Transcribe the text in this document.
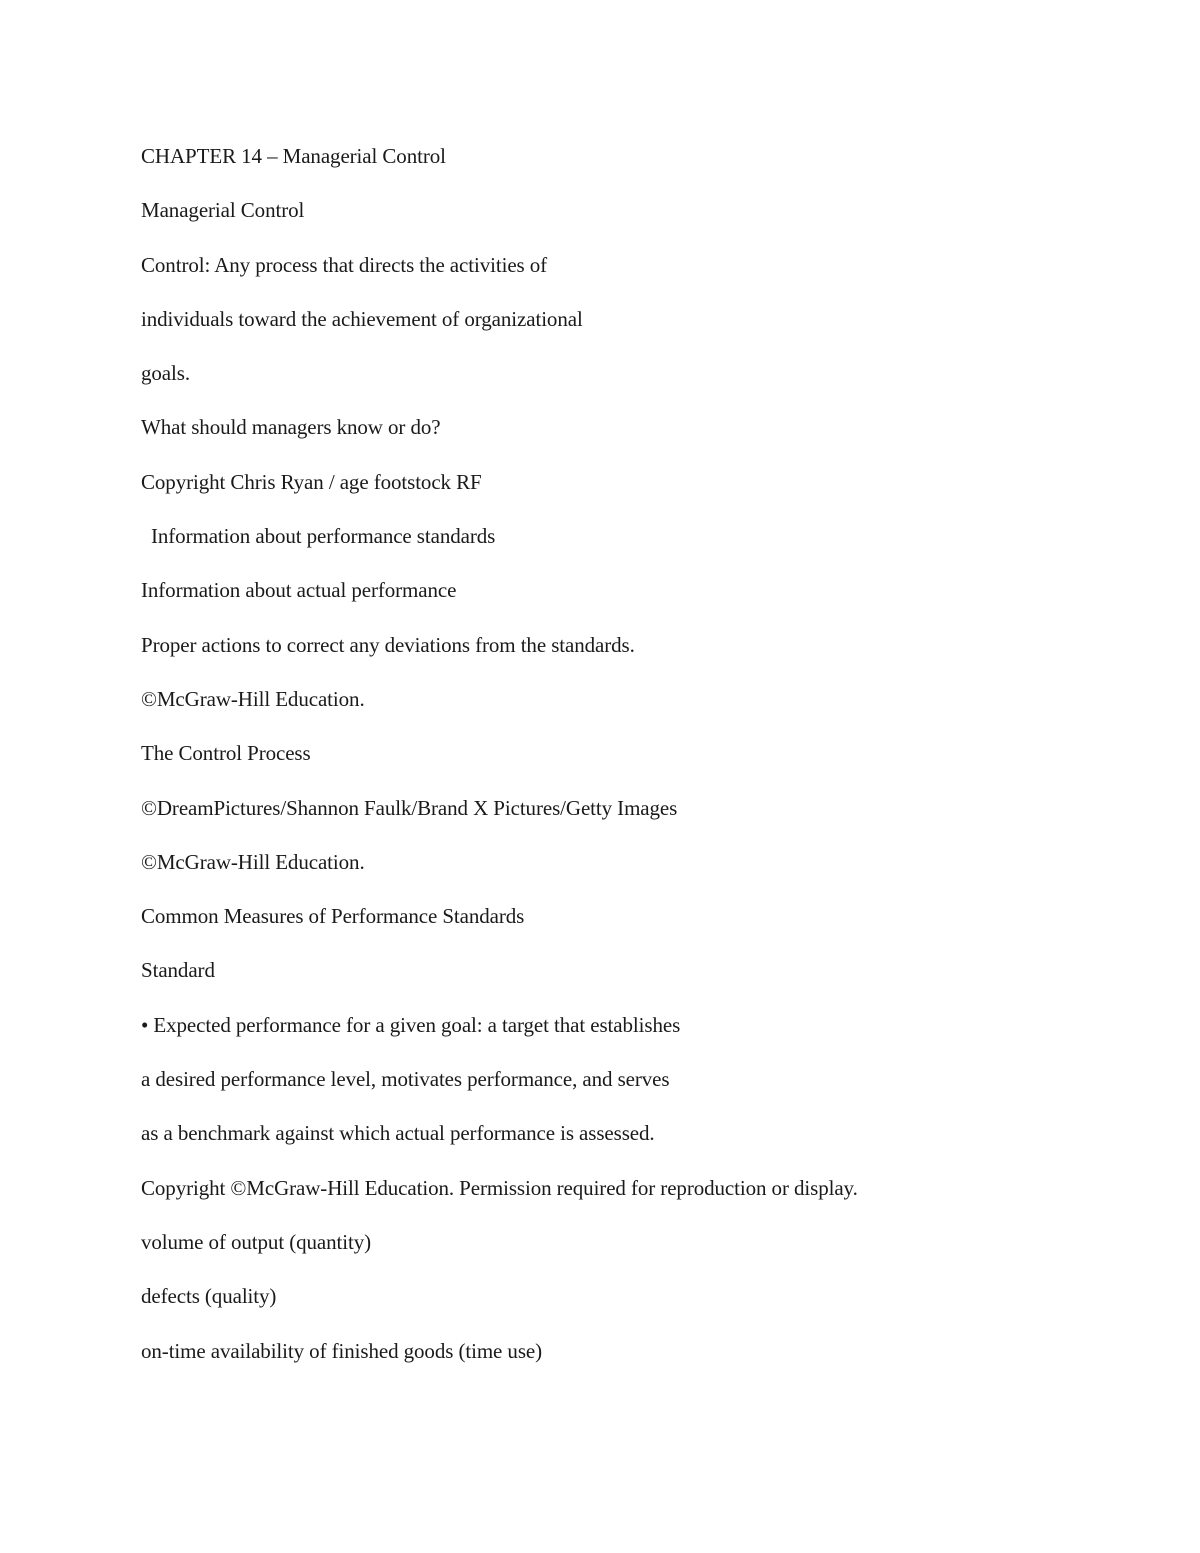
CHAPTER 14 – Managerial Control
Managerial Control
Control: Any process that directs the activities of
individuals toward the achievement of organizational
goals.
What should managers know or do?
Copyright Chris Ryan / age footstock RF
Information about performance standards
Information about actual performance
Proper actions to correct any deviations from the standards.
©McGraw-Hill Education.
The Control Process
©DreamPictures/Shannon Faulk/Brand X Pictures/Getty Images
©McGraw-Hill Education.
Common Measures of Performance Standards
Standard
• Expected performance for a given goal: a target that establishes
a desired performance level, motivates performance, and serves
as a benchmark against which actual performance is assessed.
Copyright ©McGraw-Hill Education. Permission required for reproduction or display.
volume of output (quantity)
defects (quality)
on-time availability of finished goods (time use)
